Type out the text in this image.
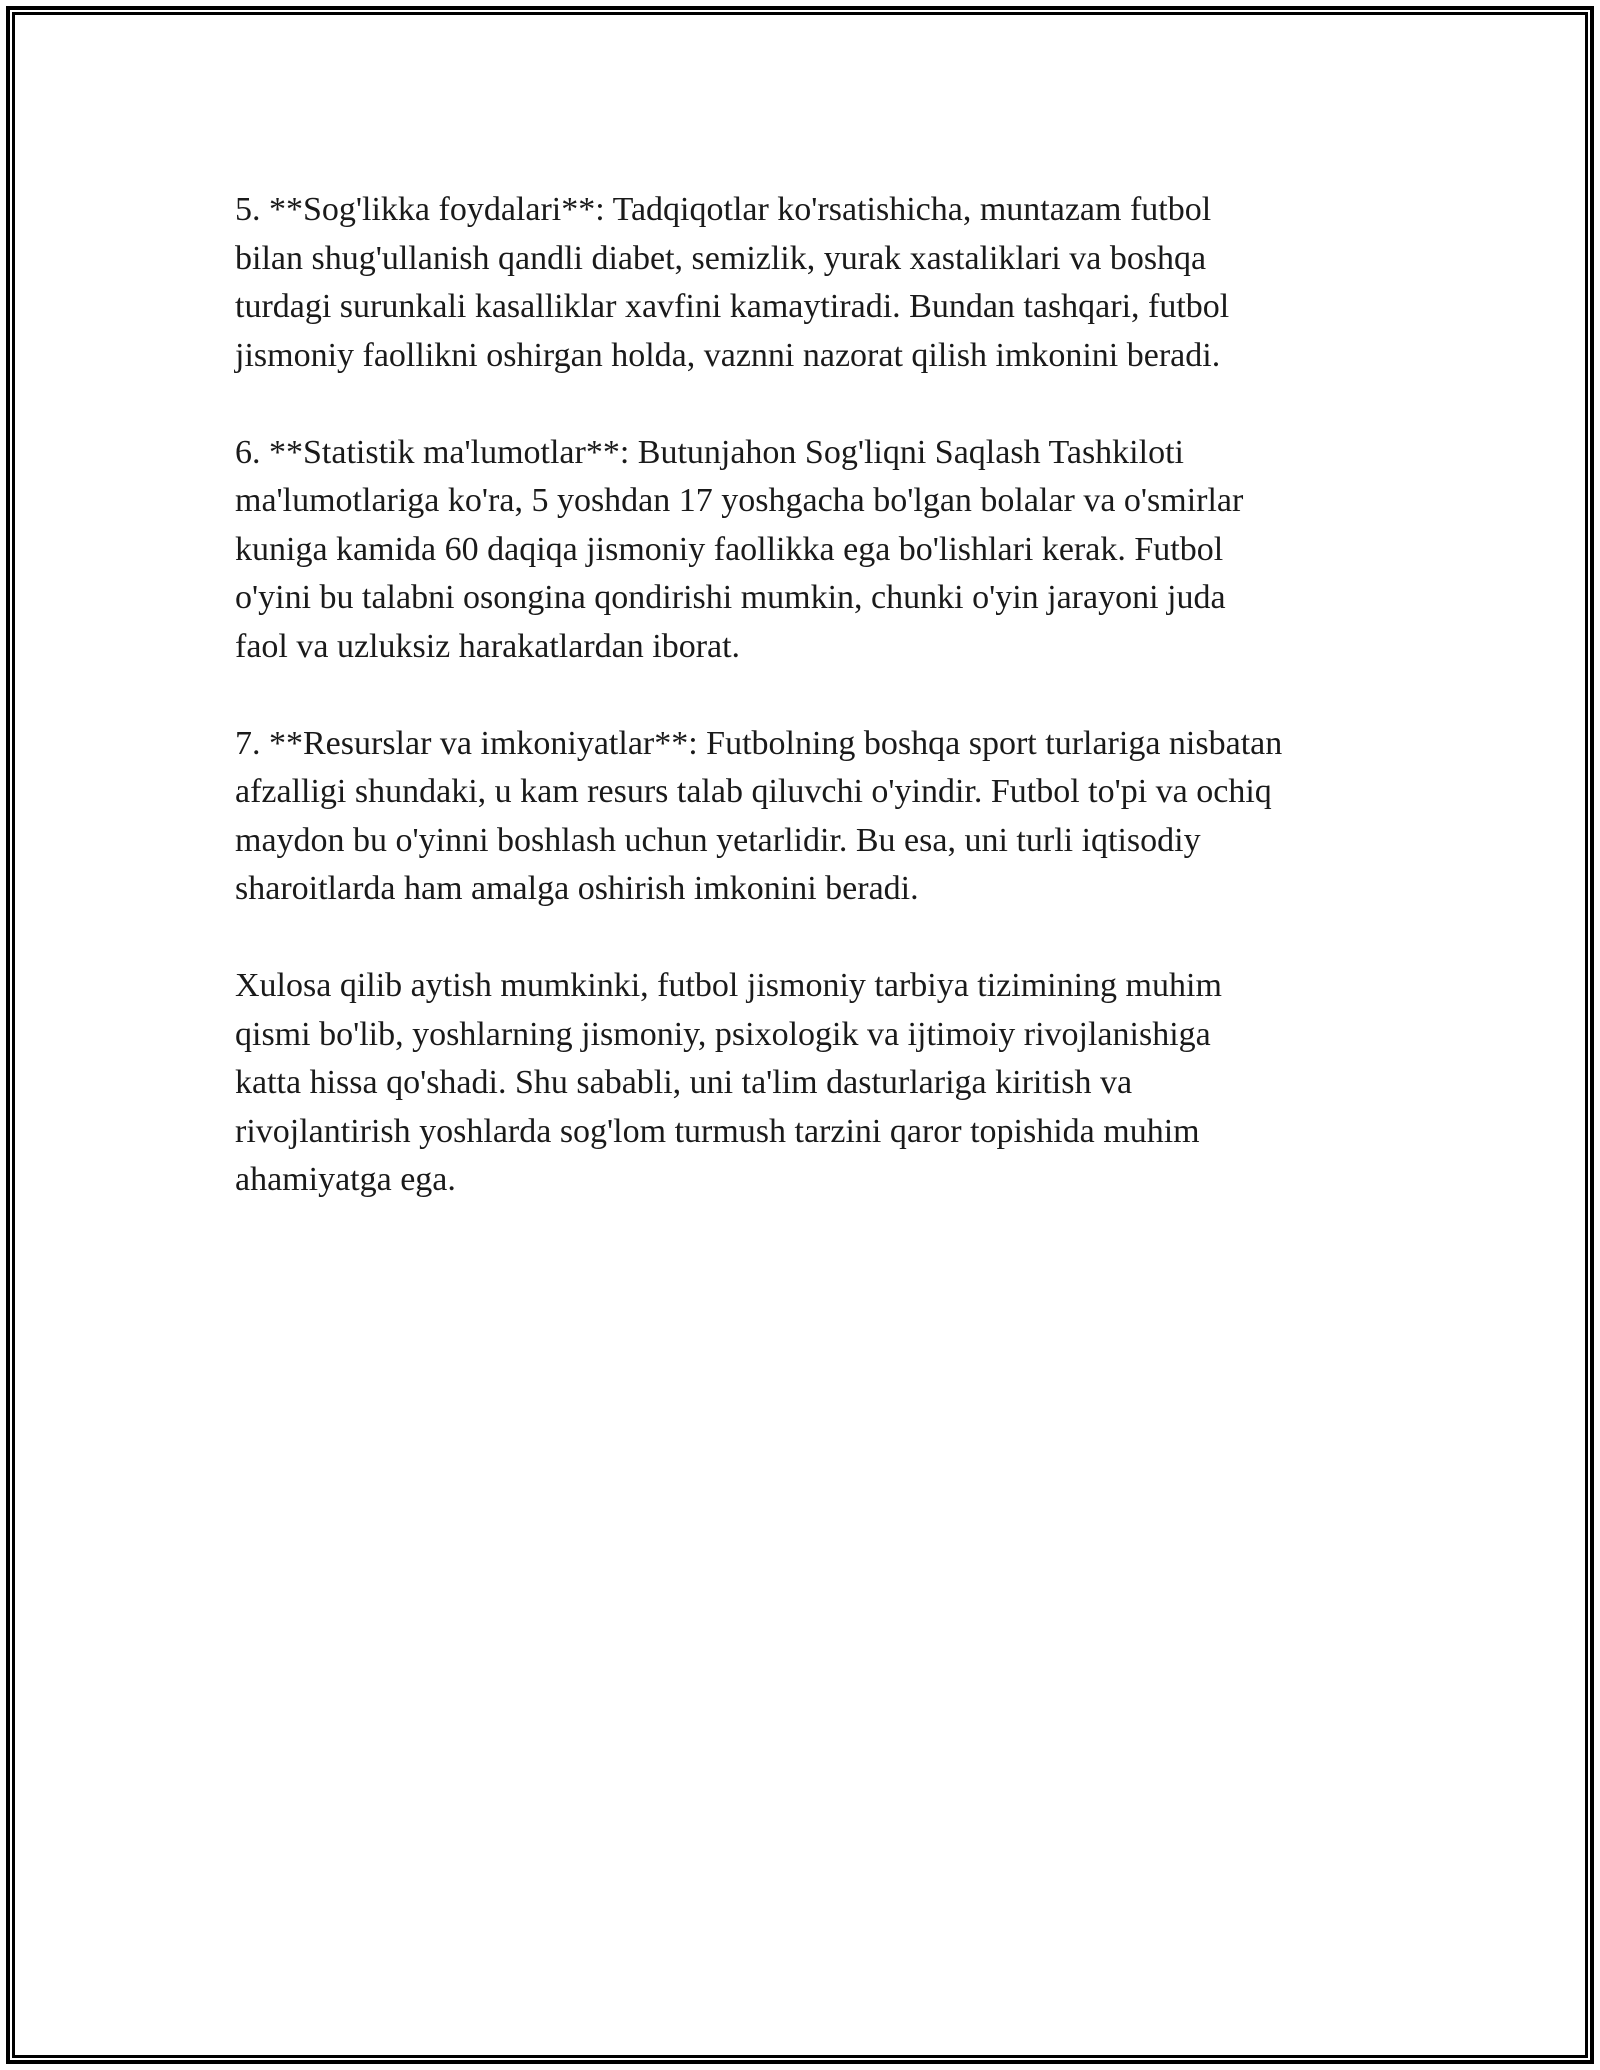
5. **Sog'likka foydalari**: Tadqiqotlar ko'rsatishicha, muntazam futbol
bilan shug'ullanish qandli diabet, semizlik, yurak xastaliklari va boshqa
turdagi surunkali kasalliklar xavfini kamaytiradi. Bundan tashqari, futbol
jismoniy faollikni oshirgan holda, vaznni nazorat qilish imkonini beradi.

6. **Statistik ma'lumotlar**: Butunjahon Sog'liqni Saqlash Tashkiloti
ma'lumotlariga ko'ra, 5 yoshdan 17 yoshgacha bo'lgan bolalar va o'smirlar
kuniga kamida 60 daqiqa jismoniy faollikka ega bo'lishlari kerak. Futbol
o'yini bu talabni osongina qondirishi mumkin, chunki o'yin jarayoni juda
faol va uzluksiz harakatlardan iborat.

7. **Resurslar va imkoniyatlar**: Futbolning boshqa sport turlariga nisbatan
afzalligi shundaki, u kam resurs talab qiluvchi o'yindir. Futbol to'pi va ochiq
maydon bu o'yinni boshlash uchun yetarlidir. Bu esa, uni turli iqtisodiy
sharoitlarda ham amalga oshirish imkonini beradi.

Xulosa qilib aytish mumkinki, futbol jismoniy tarbiya tizimining muhim
qismi bo'lib, yoshlarning jismoniy, psixologik va ijtimoiy rivojlanishiga
katta hissa qo'shadi. Shu sababli, uni ta'lim dasturlariga kiritish va
rivojlantirish yoshlarda sog'lom turmush tarzini qaror topishida muhim
ahamiyatga ega.
